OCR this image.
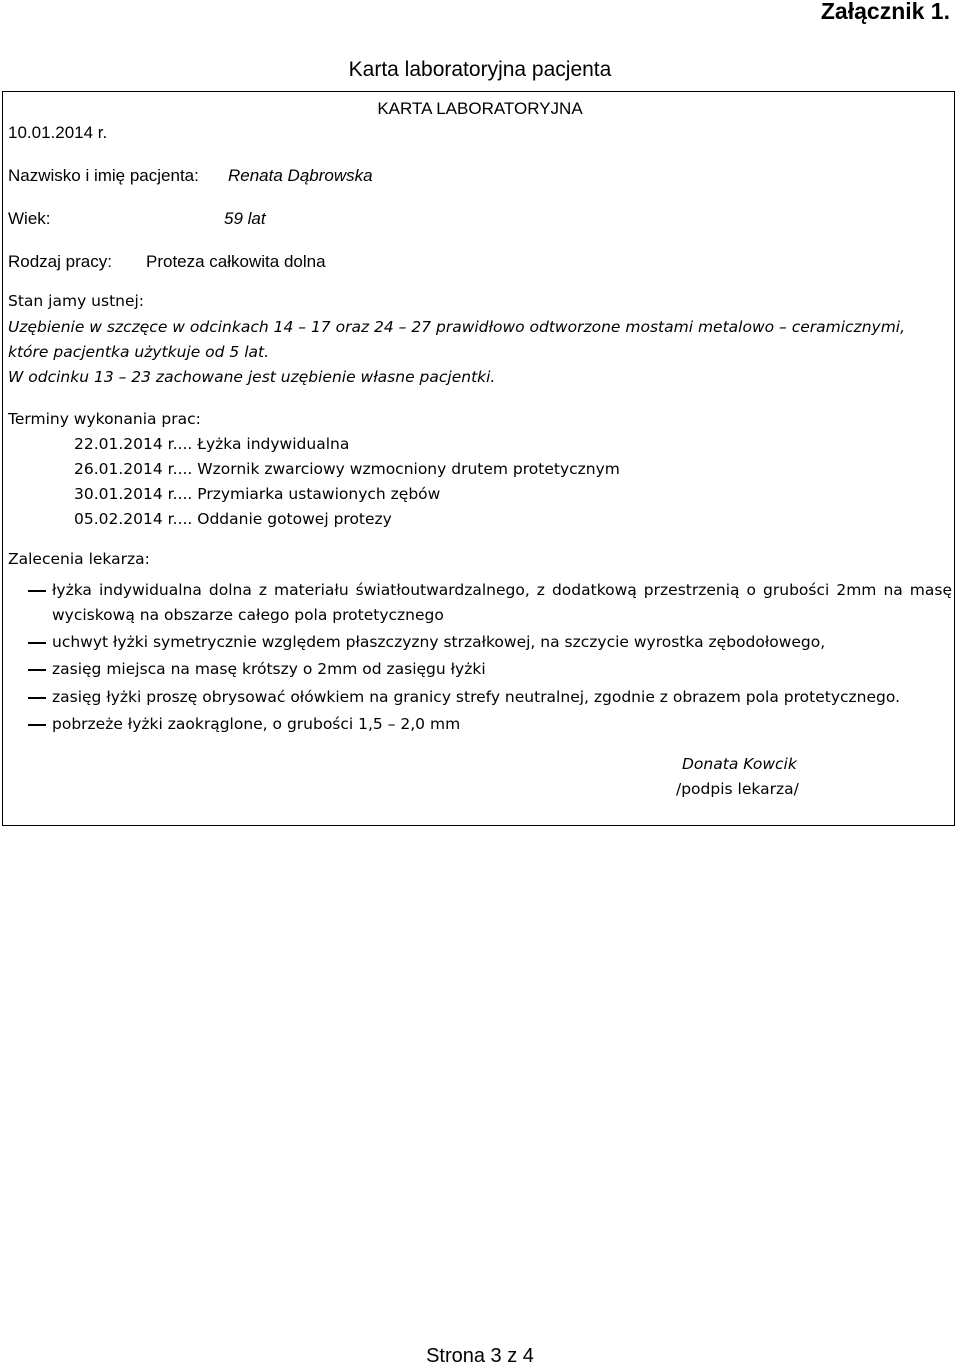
Załącznik 1.
Karta laboratoryjna pacjenta
KARTA LABORATORYJNA
10.01.2014 r.
Nazwisko i imię pacjenta: Renata Dąbrowska
Wiek:	59 lat
Rodzaj pracy: Proteza całkowita dolna
Stan jamy ustnej:
Uzębienie w szczęce w odcinkach 14 – 17 oraz 24 – 27 prawidłowo odtworzone mostami metalowo – ceramicznymi,
które pacjentka użytkuje od 5 lat.
W odcinku 13 – 23 zachowane jest uzębienie własne pacjentki.
Terminy wykonania prac:
22.01.2014 r.... Łyżka indywidualna
26.01.2014 r.... Wzornik zwarciowy wzmocniony drutem protetycznym
30.01.2014 r.... Przymiarka ustawionych zębów
05.02.2014 r.... Oddanie gotowej protezy
Zalecenia lekarza:
łyżka indywidualna dolna z materiału światłoutwardzalnego, z dodatkową przestrzenią o grubości 2mm na masę wyciskową na obszarze całego pola protetycznego
uchwyt łyżki symetrycznie względem płaszczyzny strzałkowej, na szczycie wyrostka zębodołowego,
zasięg miejsca na masę krótszy o 2mm od zasięgu łyżki
zasięg łyżki proszę obrysować ołówkiem na granicy strefy neutralnej, zgodnie z obrazem pola protetycznego.
pobrzeże łyżki zaokrąglone, o grubości 1,5 – 2,0 mm
Donata Kowcik
/podpis lekarza/
Strona 3 z 4
